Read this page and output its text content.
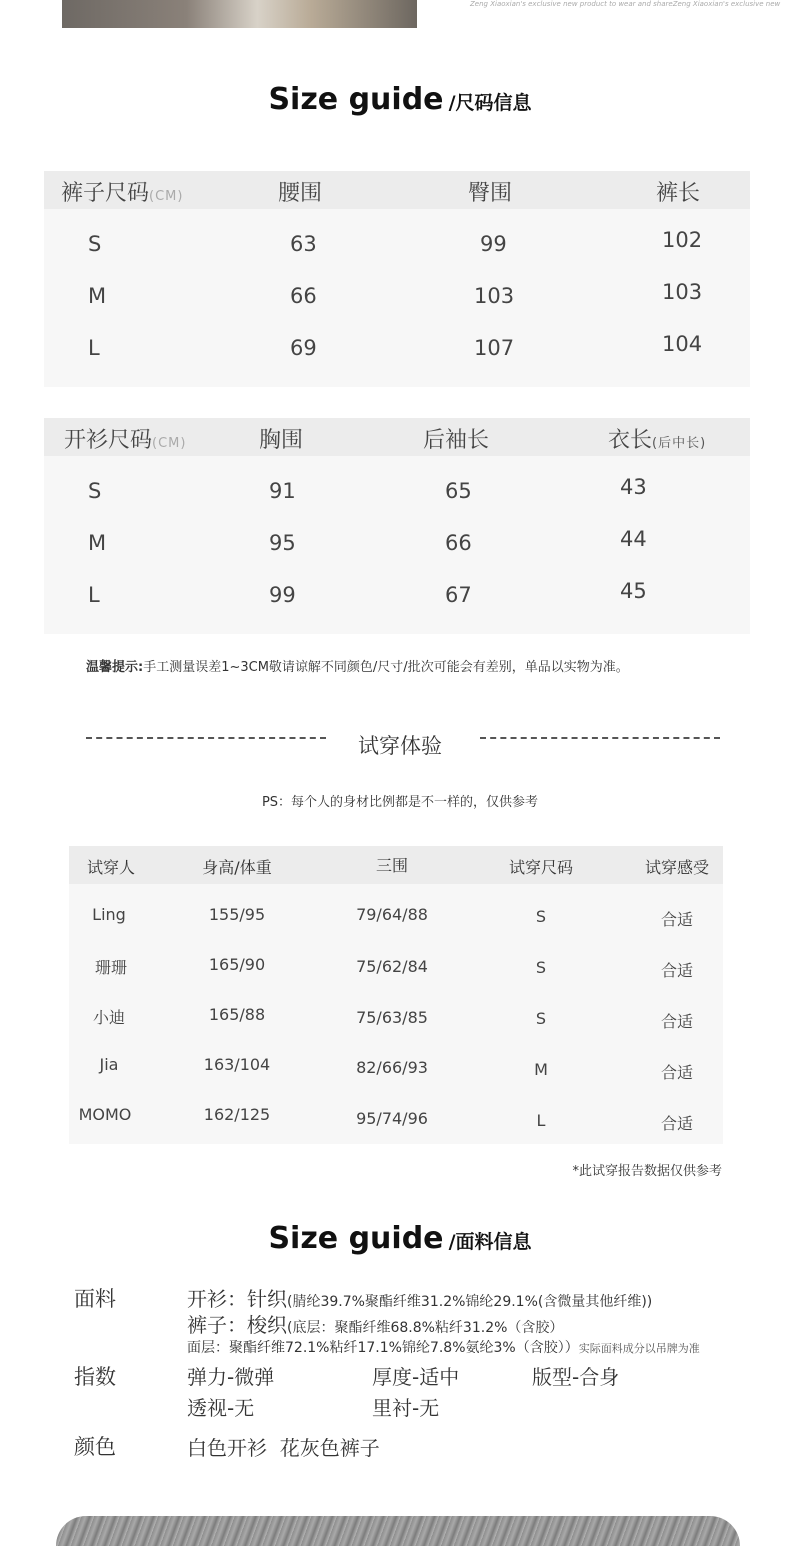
Zeng Xiaoxian's exclusive new product to wear and shareZeng Xiaoxian's exclusive new
Size guide /尺码信息
裤子尺码(CM)	腰围	臀围	裤长
S	63	99	102
M	66	103	103
L	69	107	104
开衫尺码(CM)	胸围	后袖长	衣长(后中长)
S	91	65	43
M	95	66	44
L	99	67	45
温馨提示:手工测量误差1~3CM敬请谅解不同颜色/尺寸/批次可能会有差别，单品以实物为准。
试穿体验
PS：每个人的身材比例都是不一样的，仅供参考
试穿人	身高/体重	三围	试穿尺码	试穿感受
Ling	155/95	79/64/88	S	合适
珊珊	165/90	75/62/84	S	合适
小迪	165/88	75/63/85	S	合适
Jia	163/104	82/66/93	M	合适
MOMO	162/125	95/74/96	L	合适
*此试穿报告数据仅供参考
Size guide /面料信息
面料	开衫：针织(腈纶39.7%聚酯纤维31.2%锦纶29.1%(含微量其他纤维))
裤子：梭织(底层：聚酯纤维68.8%粘纤31.2%（含胶）
面层：聚酯纤维72.1%粘纤17.1%锦纶7.8%氨纶3%（含胶））实际面料成分以吊牌为准
指数	弹力-微弹	厚度-适中	版型-合身
透视-无	里衬-无
颜色	白色开衫  花灰色裤子
